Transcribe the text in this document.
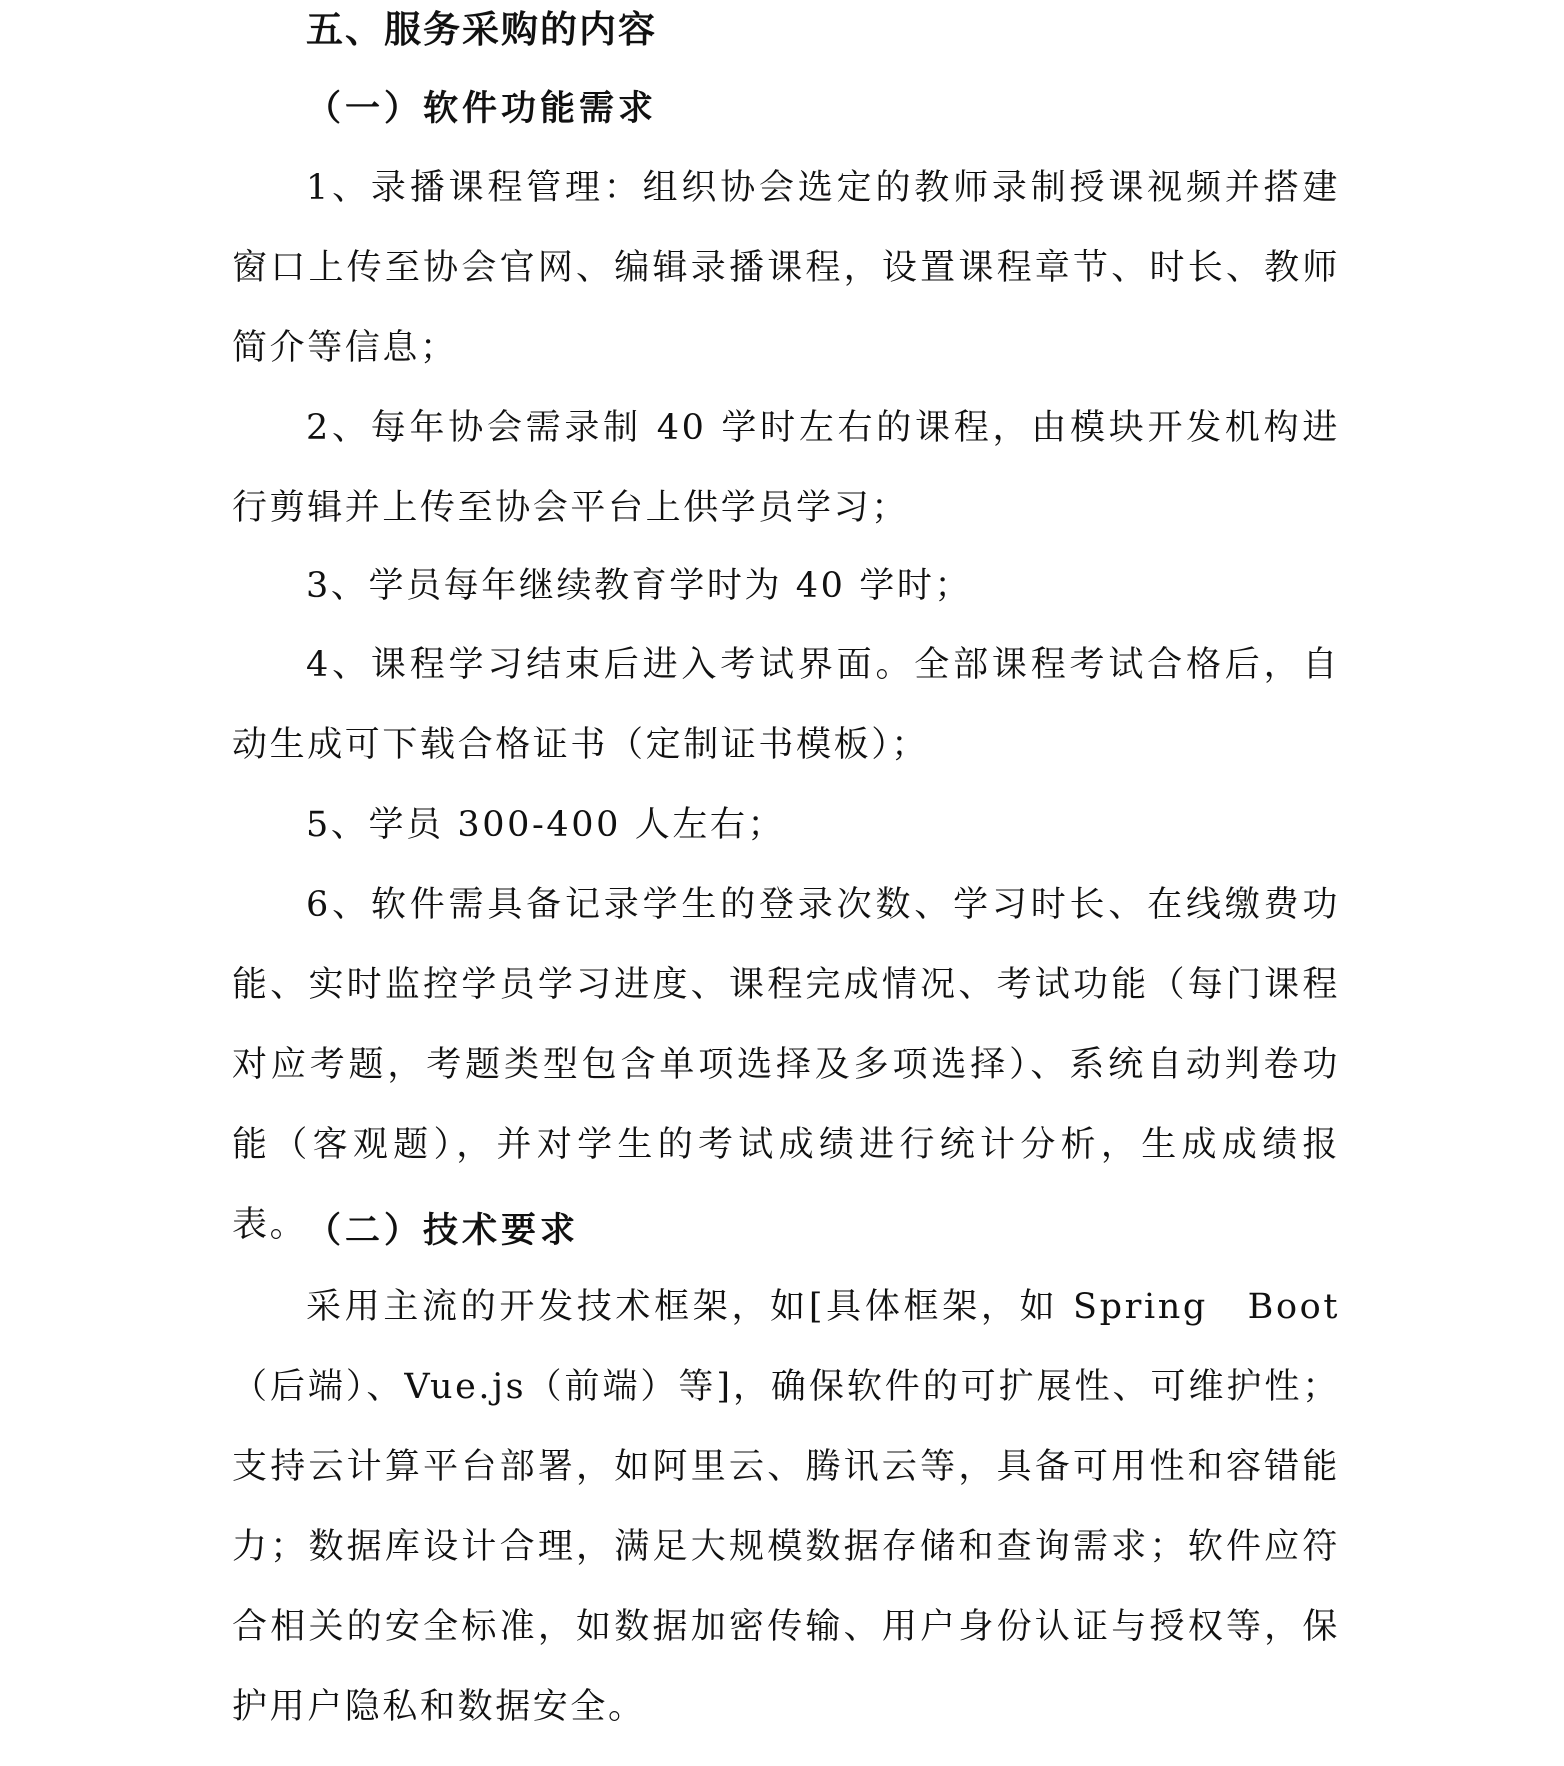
五、服务采购的内容
（一）软件功能需求

1、录播课程管理：组织协会选定的教师录制授课视频并搭建窗口上传至协会官网、编辑录播课程，设置课程章节、时长、教师简介等信息；

2、每年协会需录制 40 学时左右的课程，由模块开发机构进行剪辑并上传至协会平台上供学员学习；

3、学员每年继续教育学时为 40 学时；

4、课程学习结束后进入考试界面。全部课程考试合格后，自动生成可下载合格证书（定制证书模板）；

5、学员 300-400 人左右；

6、软件需具备记录学生的登录次数、学习时长、在线缴费功能、实时监控学员学习进度、课程完成情况、考试功能（每门课程对应考题，考题类型包含单项选择及多项选择）、系统自动判卷功能（客观题），并对学生的考试成绩进行统计分析，生成成绩报表。

（二）技术要求

采用主流的开发技术框架，如[具体框架，如 Spring　Boot（后端）、Vue.js（前端）等]，确保软件的可扩展性、可维护性；支持云计算平台部署，如阿里云、腾讯云等，具备可用性和容错能力；数据库设计合理，满足大规模数据存储和查询需求；软件应符合相关的安全标准，如数据加密传输、用户身份认证与授权等，保护用户隐私和数据安全。
